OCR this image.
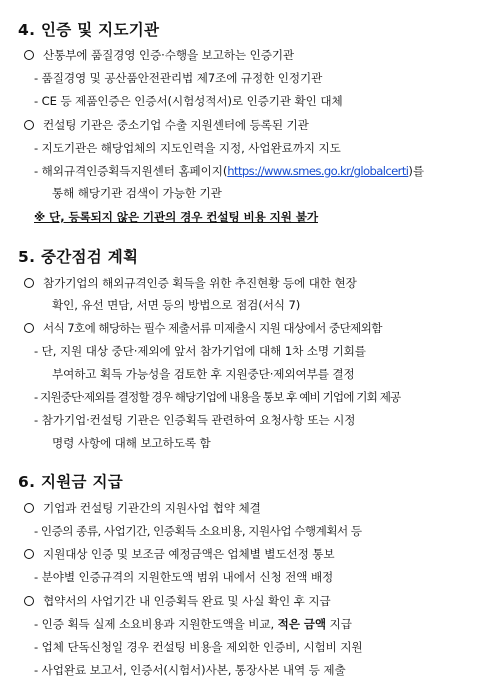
4. 인증 및 지도기관
산통부에 품질경영 인증·수행을 보고하는 인증기관
- 품질경영 및 공산품안전관리법 제7조에 규정한 인정기관
- CE 등 제품인증은 인증서(시험성적서)로 인증기관 확인 대체
컨설팅 기관은 중소기업 수출 지원센터에 등록된 기관
- 지도기관은 해당업체의 지도인력을 지정, 사업완료까지 지도
- 해외규격인증획득지원센터 홈페이지(https://www.smes.go.kr/globalcerti)를
통해 해당기관 검색이 가능한 기관
※ 단, 등록되지 않은 기관의 경우 컨설팅 비용 지원 불가
5. 중간점검 계획
참가기업의 해외규격인증 획득을 위한 추진현황 등에 대한 현장
확인, 유선 면담, 서면 등의 방법으로 점검(서식 7)
서식 7호에 해당하는 필수 제출서류 미제출시 지원 대상에서 중단제외함
- 단, 지원 대상 중단·제외에 앞서 참가기업에 대해 1차 소명 기회를
부여하고 획득 가능성을 검토한 후 지원중단·제외여부를 결정
- 지원중단·제외를 결정할 경우 해당기업에 내용을 통보 후 예비 기업에 기회 제공
- 참가기업·컨설팅 기관은 인증획득 관련하여 요청사항 또는 시정
명령 사항에 대해 보고하도록 함
6. 지원금 지급
기업과 컨설팅 기관간의 지원사업 협약 체결
- 인증의 종류, 사업기간, 인증획득 소요비용, 지원사업 수행계획서 등
지원대상 인증 및 보조금 예정금액은 업체별 별도선정 통보
- 분야별 인증규격의 지원한도액 범위 내에서 신청 전액 배정
협약서의 사업기간 내 인증획득 완료 및 사실 확인 후 지급
- 인증 획득 실제 소요비용과 지원한도액을 비교, 적은 금액 지급
- 업체 단독신청일 경우 컨설팅 비용을 제외한 인증비, 시험비 지원
- 사업완료 보고서, 인증서(시험서)사본, 통장사본 내역 등 제출
